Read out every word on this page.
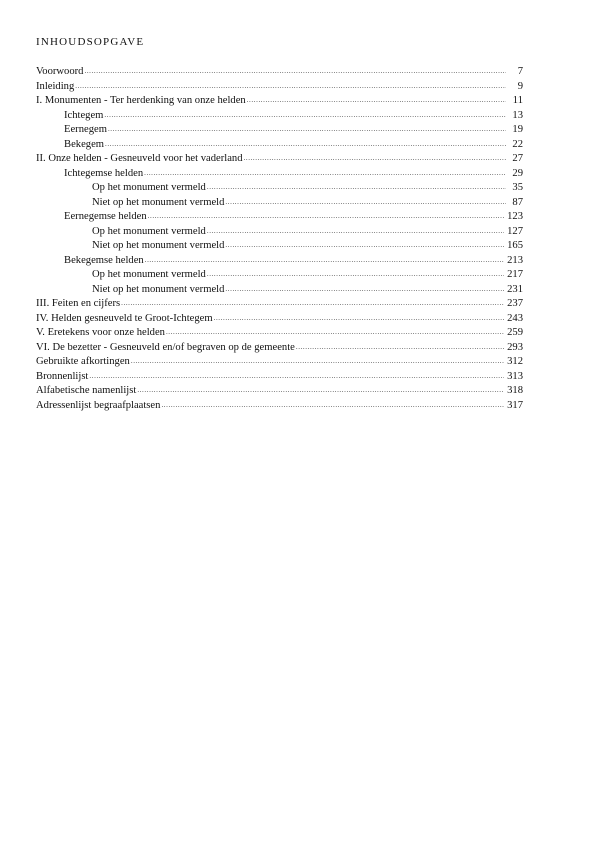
inhoudsopgave
Voorwoord .....	7
Inleiding .....	9
I. Monumenten - Ter herdenking van onze helden .....	11
Ichtegem .....	13
Eernegem .....	19
Bekegem .....	22
II. Onze helden - Gesneuveld voor het vaderland .....	27
Ichtegemse helden .....	29
Op het monument vermeld .....	35
Niet op het monument vermeld .....	87
Eernegemse helden .....	123
Op het monument vermeld .....	127
Niet op het monument vermeld .....	165
Bekegemse helden .....	213
Op het monument vermeld .....	217
Niet op het monument vermeld .....	231
III. Feiten en cijfers .....	237
IV. Helden gesneuveld te Groot-Ichtegem .....	243
V. Eretekens voor onze helden .....	259
VI. De bezetter - Gesneuveld en/of begraven op de gemeente .....	293
Gebruikte afkortingen .....	312
Bronnenlijst .....	313
Alfabetische namenlijst .....	318
Adressenlijst begraafplaatsen .....	317
